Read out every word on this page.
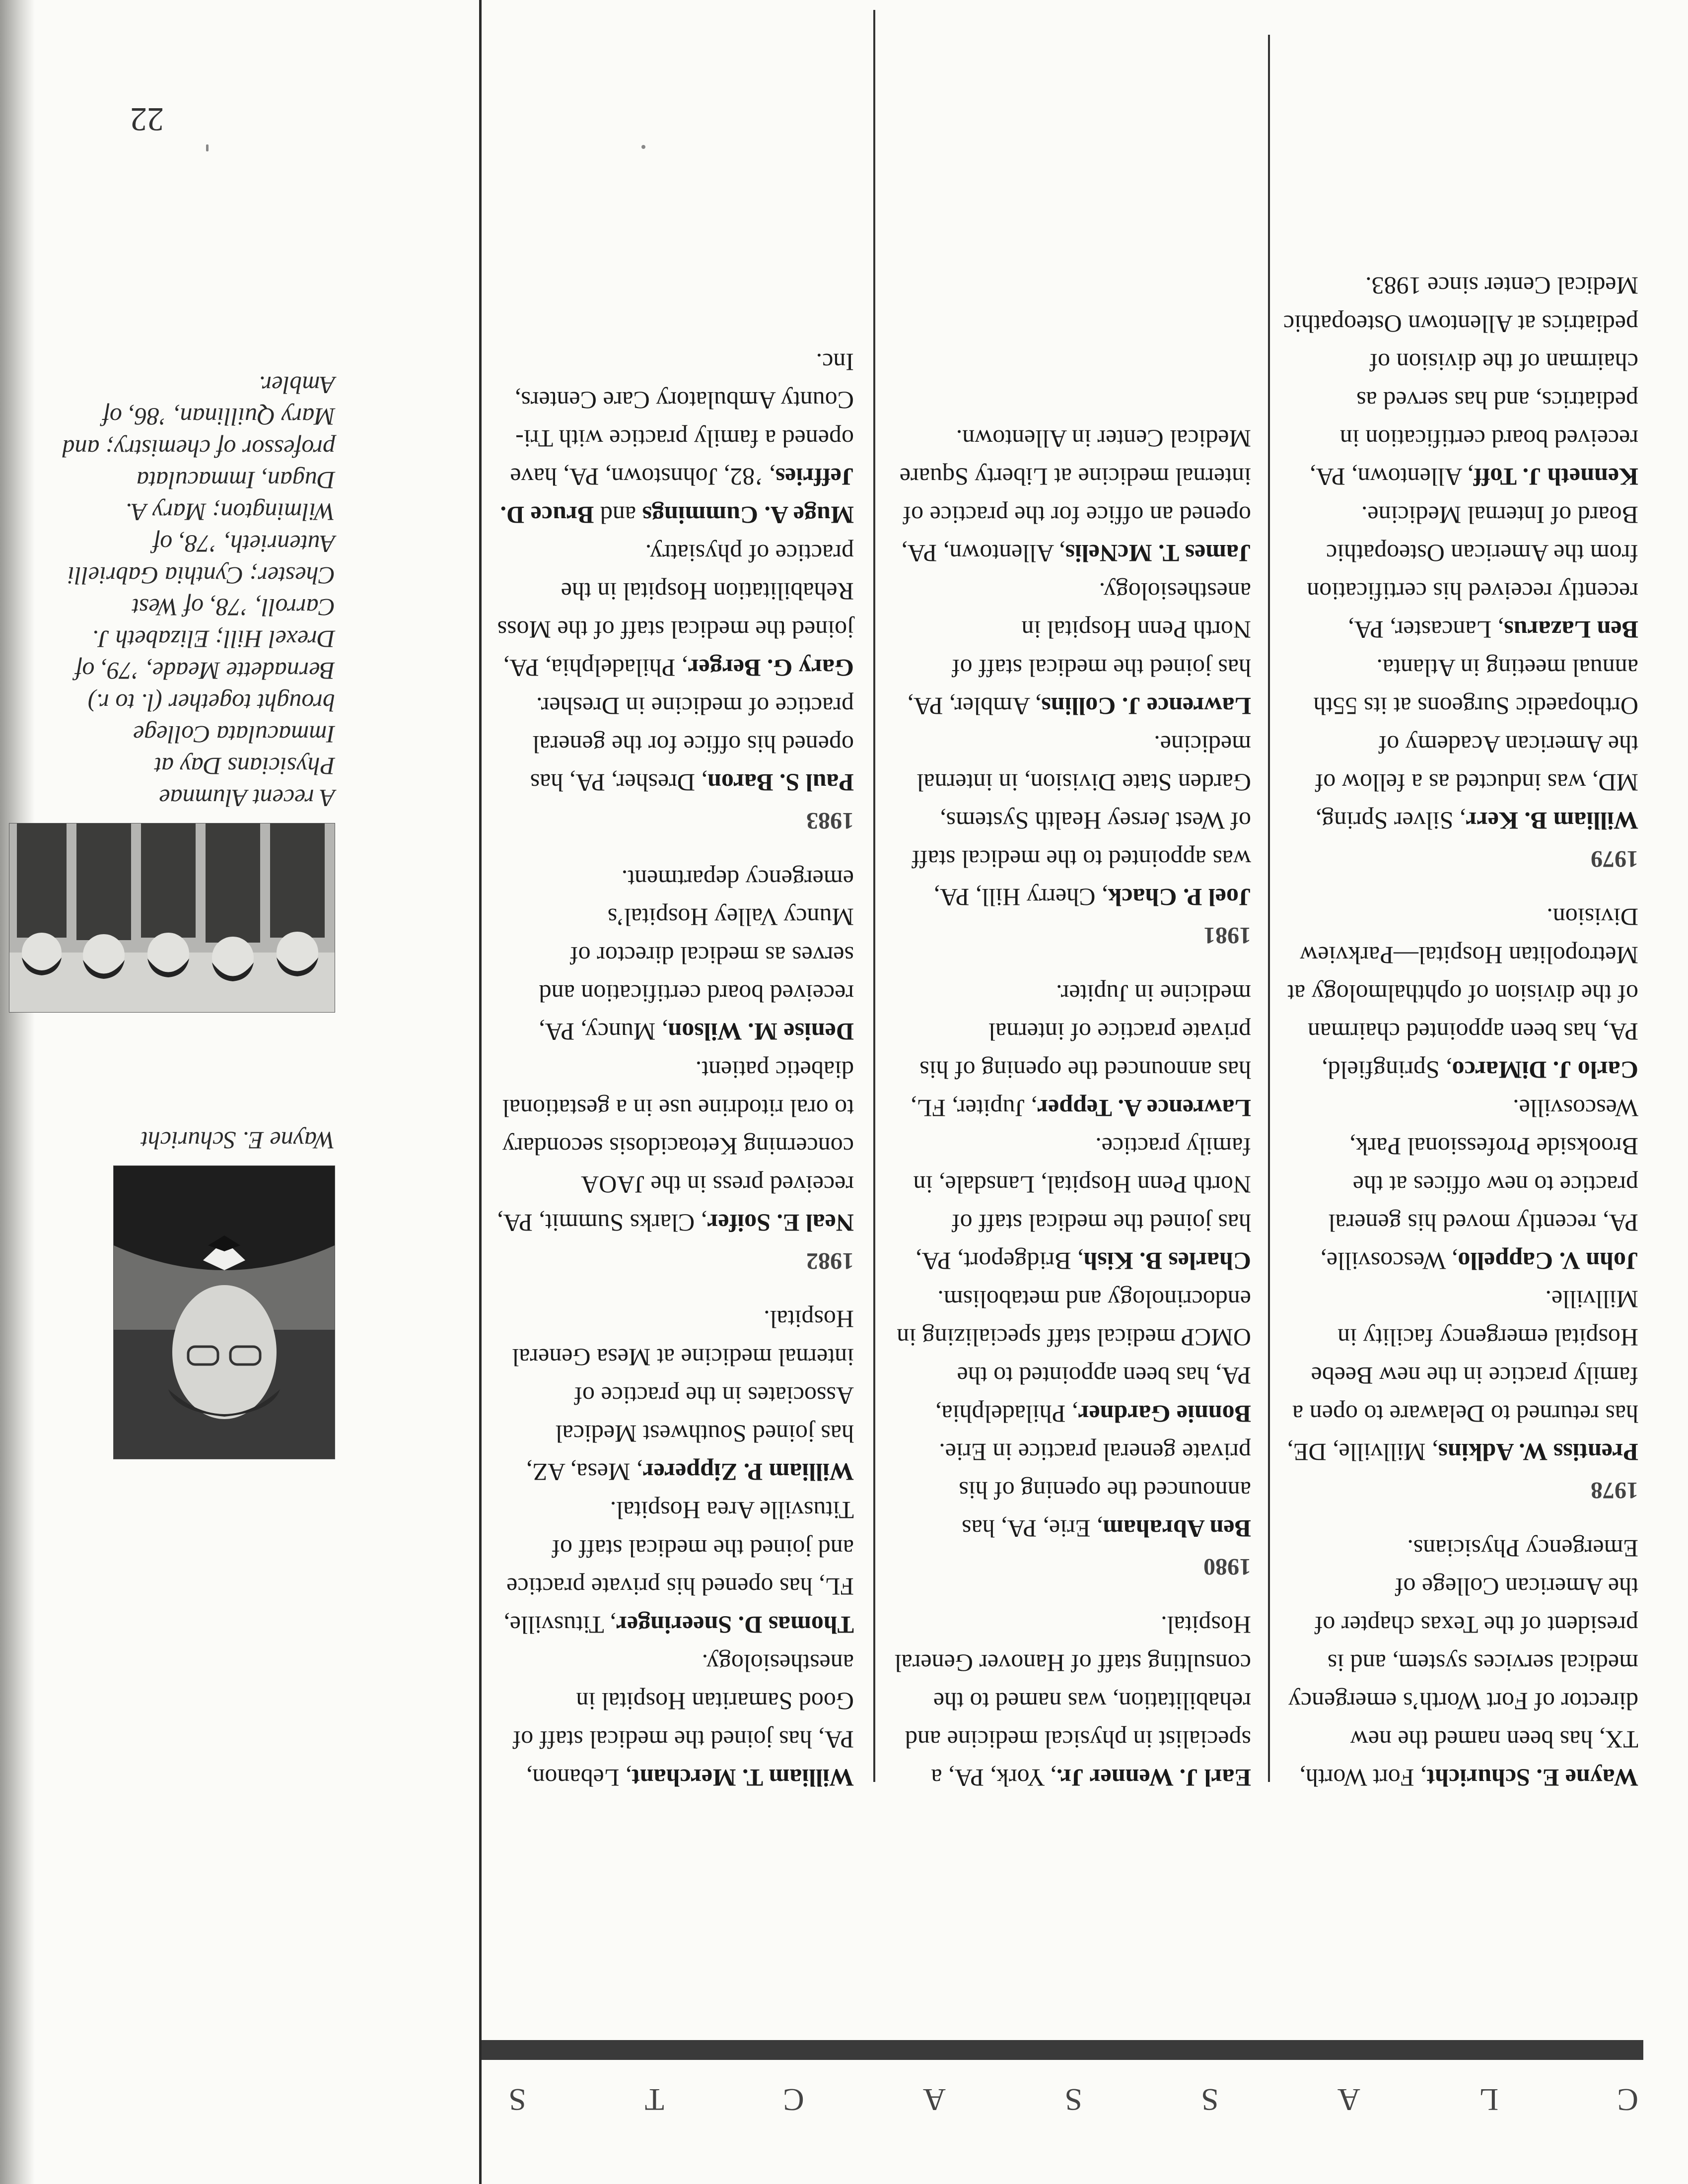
C
L
A
S
S
A
C
T
S

Wayne E. Schuricht, Fort Worth, TX, has been named the new director of Fort Worth’s emergency medical services system, and is president of the Texas chapter of the American College of Emergency Physicians.

1978

Prentiss W. Adkins, Millville, DE, has returned to Delaware to open a family practice in the new Beebe Hospital emergency facility in Millville.

John V. Cappello, Wescosville, PA, recently moved his general practice to new offices at the Brookside Professional Park, Wescosville.

Carlo J. DiMarco, Springfield, PA, has been appointed chairman of the division of ophthalmology at Metropolitan Hospital—Parkview Division.

1979

William B. Kerr, Silver Spring, MD, was inducted as a fellow of the American Academy of Orthopaedic Surgeons at its 55th annual meeting in Atlanta.

Ben Lazarus, Lancaster, PA, recently received his certification from the American Osteopathic Board of Internal Medicine.

Kenneth J. Toff, Allentown, PA, received board certification in pediatrics, and has served as chairman of the division of pediatrics at Allentown Osteopathic Medical Center since 1983.

Earl J. Wenner Jr., York, PA, a specialist in physical medicine and rehabilitation, was named to the consulting staff of Hanover General Hospital.

1980

Ben Abraham, Erie, PA, has announced the opening of his private general practice in Erie.

Bonnie Gardner, Philadelphia, PA, has been appointed to the OMCP medical staff specializing in endocrinology and metabolism.

Charles B. Kish, Bridgeport, PA, has joined the medical staff of North Penn Hospital, Lansdale, in family practice.

Lawrence A. Tepper, Jupiter, FL, has announced the opening of his private practice of internal medicine in Jupiter.

1981

Joel P. Chack, Cherry Hill, PA, was appointed to the medical staff of West Jersey Health Systems, Garden State Division, in internal medicine.

Lawrence J. Collins, Ambler, PA, has joined the medical staff of North Penn Hospital in anesthesiology.

James T. McNelis, Allentown, PA, opened an office for the practice of internal medicine at Liberty Square Medical Center in Allentown.

William T. Merchant, Lebanon, PA, has joined the medical staff of Good Samaritan Hospital in anesthesiology.

Thomas D. Sneeringer, Titusville, FL, has opened his private practice and joined the medical staff of Titusville Area Hospital.

William P. Zipperer, Mesa, AZ, has joined Southwest Medical Associates in the practice of internal medicine at Mesa General Hospital.

1982

Neal E. Soifer, Clarks Summit, PA, received press in the JAOA concerning Ketoacidosis secondary to oral ritodrine use in a gestational diabetic patient.

Denise M. Wilson, Muncy, PA, received board certification and serves as medical director of Muncy Valley Hospital’s emergency department.

1983

Paul S. Baron, Dresher, PA, has opened his office for the general practice of medicine in Dresher.

Gary G. Berger, Philadelphia, PA, joined the medical staff of the Moss Rehabilitation Hospital in the practice of physiatry.

Muge A. Cummings and Bruce D. Jeffries, ’82, Johnstown, PA, have opened a family practice with Tri-County Ambulatory Care Centers, Inc.

Wayne E. Schuricht
A recent Alumnae Physicians Day at Immaculata College brought together (l. to r.) Bernadette Meade, ’79, of Drexel Hill; Elizabeth J. Carroll, ’78, of West Chester; Cynthia Gabrielli Autenrieth, ’78, of Wilmington; Mary A. Dugan, Immaculata professor of chemistry; and Mary Quillinan, ’86, of Ambler.
22
